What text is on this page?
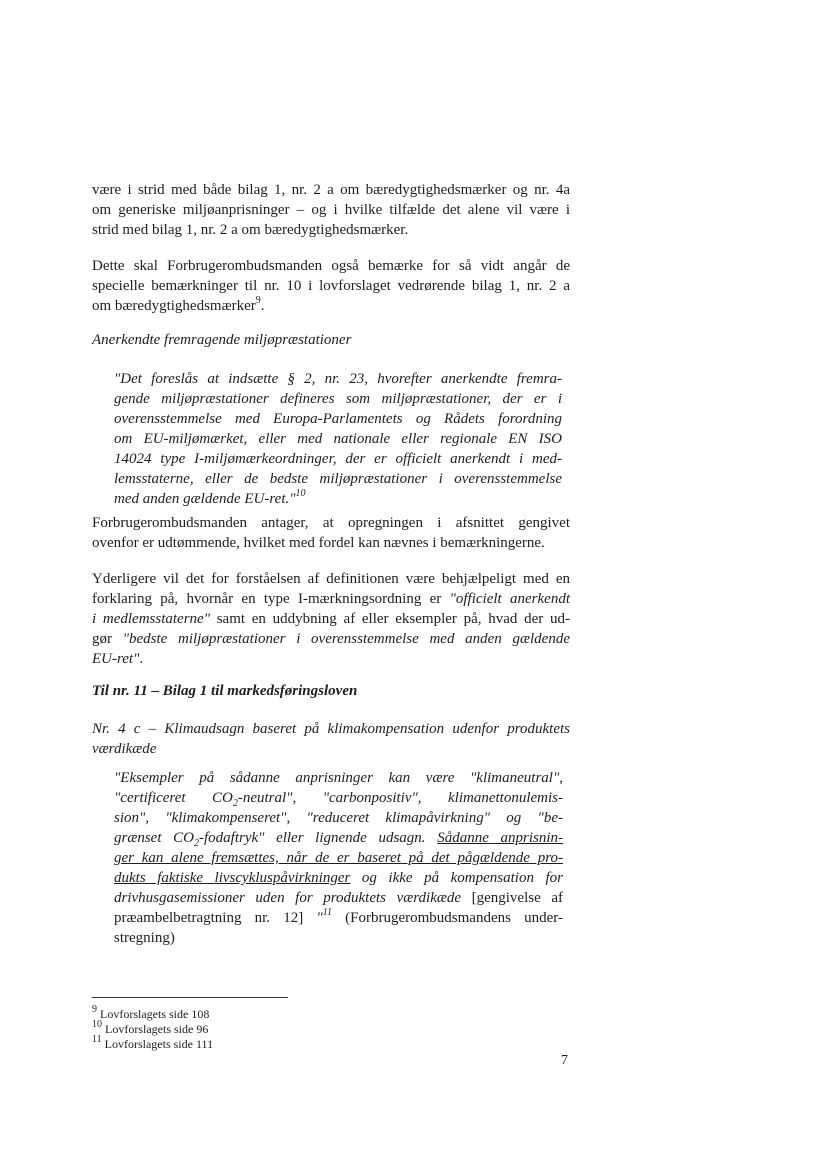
være i strid med både bilag 1, nr. 2 a om bæredygtighedsmærker og nr. 4a
om generiske miljøanprisninger – og i hvilke tilfælde det alene vil være i
strid med bilag 1, nr. 2 a om bæredygtighedsmærker.

Dette skal Forbrugerombudsmanden også bemærke for så vidt angår de
specielle bemærkninger til nr. 10 i lovforslaget vedrørende bilag 1, nr. 2 a
om bæredygtighedsmærker$^9$.

Anerkendte fremragende miljøpræstationer

"Det foreslås at indsætte § 2, nr. 23, hvorefter anerkendte fremra-
gende miljøpræstationer defineres som miljøpræstationer, der er i
overensstemmelse med Europa-Parlamentets og Rådets forordning
om EU-miljømærket, eller med nationale eller regionale EN ISO
14024 type I-miljømærkeordninger, der er officielt anerkendt i med-
lemsstaterne, eller de bedste miljøpræstationer i overensstemmelse
med anden gældende EU-ret."$^{10}$

Forbrugerombudsmanden antager, at opregningen i afsnittet gengivet
ovenfor er udtømmende, hvilket med fordel kan nævnes i bemærkningerne.

Yderligere vil det for forståelsen af definitionen være behjælpeligt med en
forklaring på, hvornår en type I-mærkningsordning er "officielt anerkendt
i medlemsstaterne" samt en uddybning af eller eksempler på, hvad der ud-
gør "bedste miljøpræstationer i overensstemmelse med anden gældende
EU-ret".

Til nr. 11 – Bilag 1 til markedsføringsloven

Nr. 4 c – Klimaudsagn baseret på klimakompensation udenfor produktets
værdikæde

"Eksempler på sådanne anprisninger kan være "klimaneutral",
"certificeret $CO_2$-neutral", "carbonpositiv", klimanettonulemis-
sion", "klimakompenseret", "reduceret klimapåvirkning" og "be-
grænset $CO_2$-fodaftryk" eller lignende udsagn. Sådanne anprisnin-
ger kan alene fremsættes, når de er baseret på det pågældende pro-
dukts faktiske livscykluspåvirkninger og ikke på kompensation for
drivhusgasemissioner uden for produktets værdikæde [gengivelse af
præambelbetragtning nr. 12] "$^{11}$ (Forbrugerombudsmandens under-
stregning)

$^9$ Lovforslagets side 108
$^{10}$ Lovforslagets side 96
$^{11}$ Lovforslagets side 111
7
